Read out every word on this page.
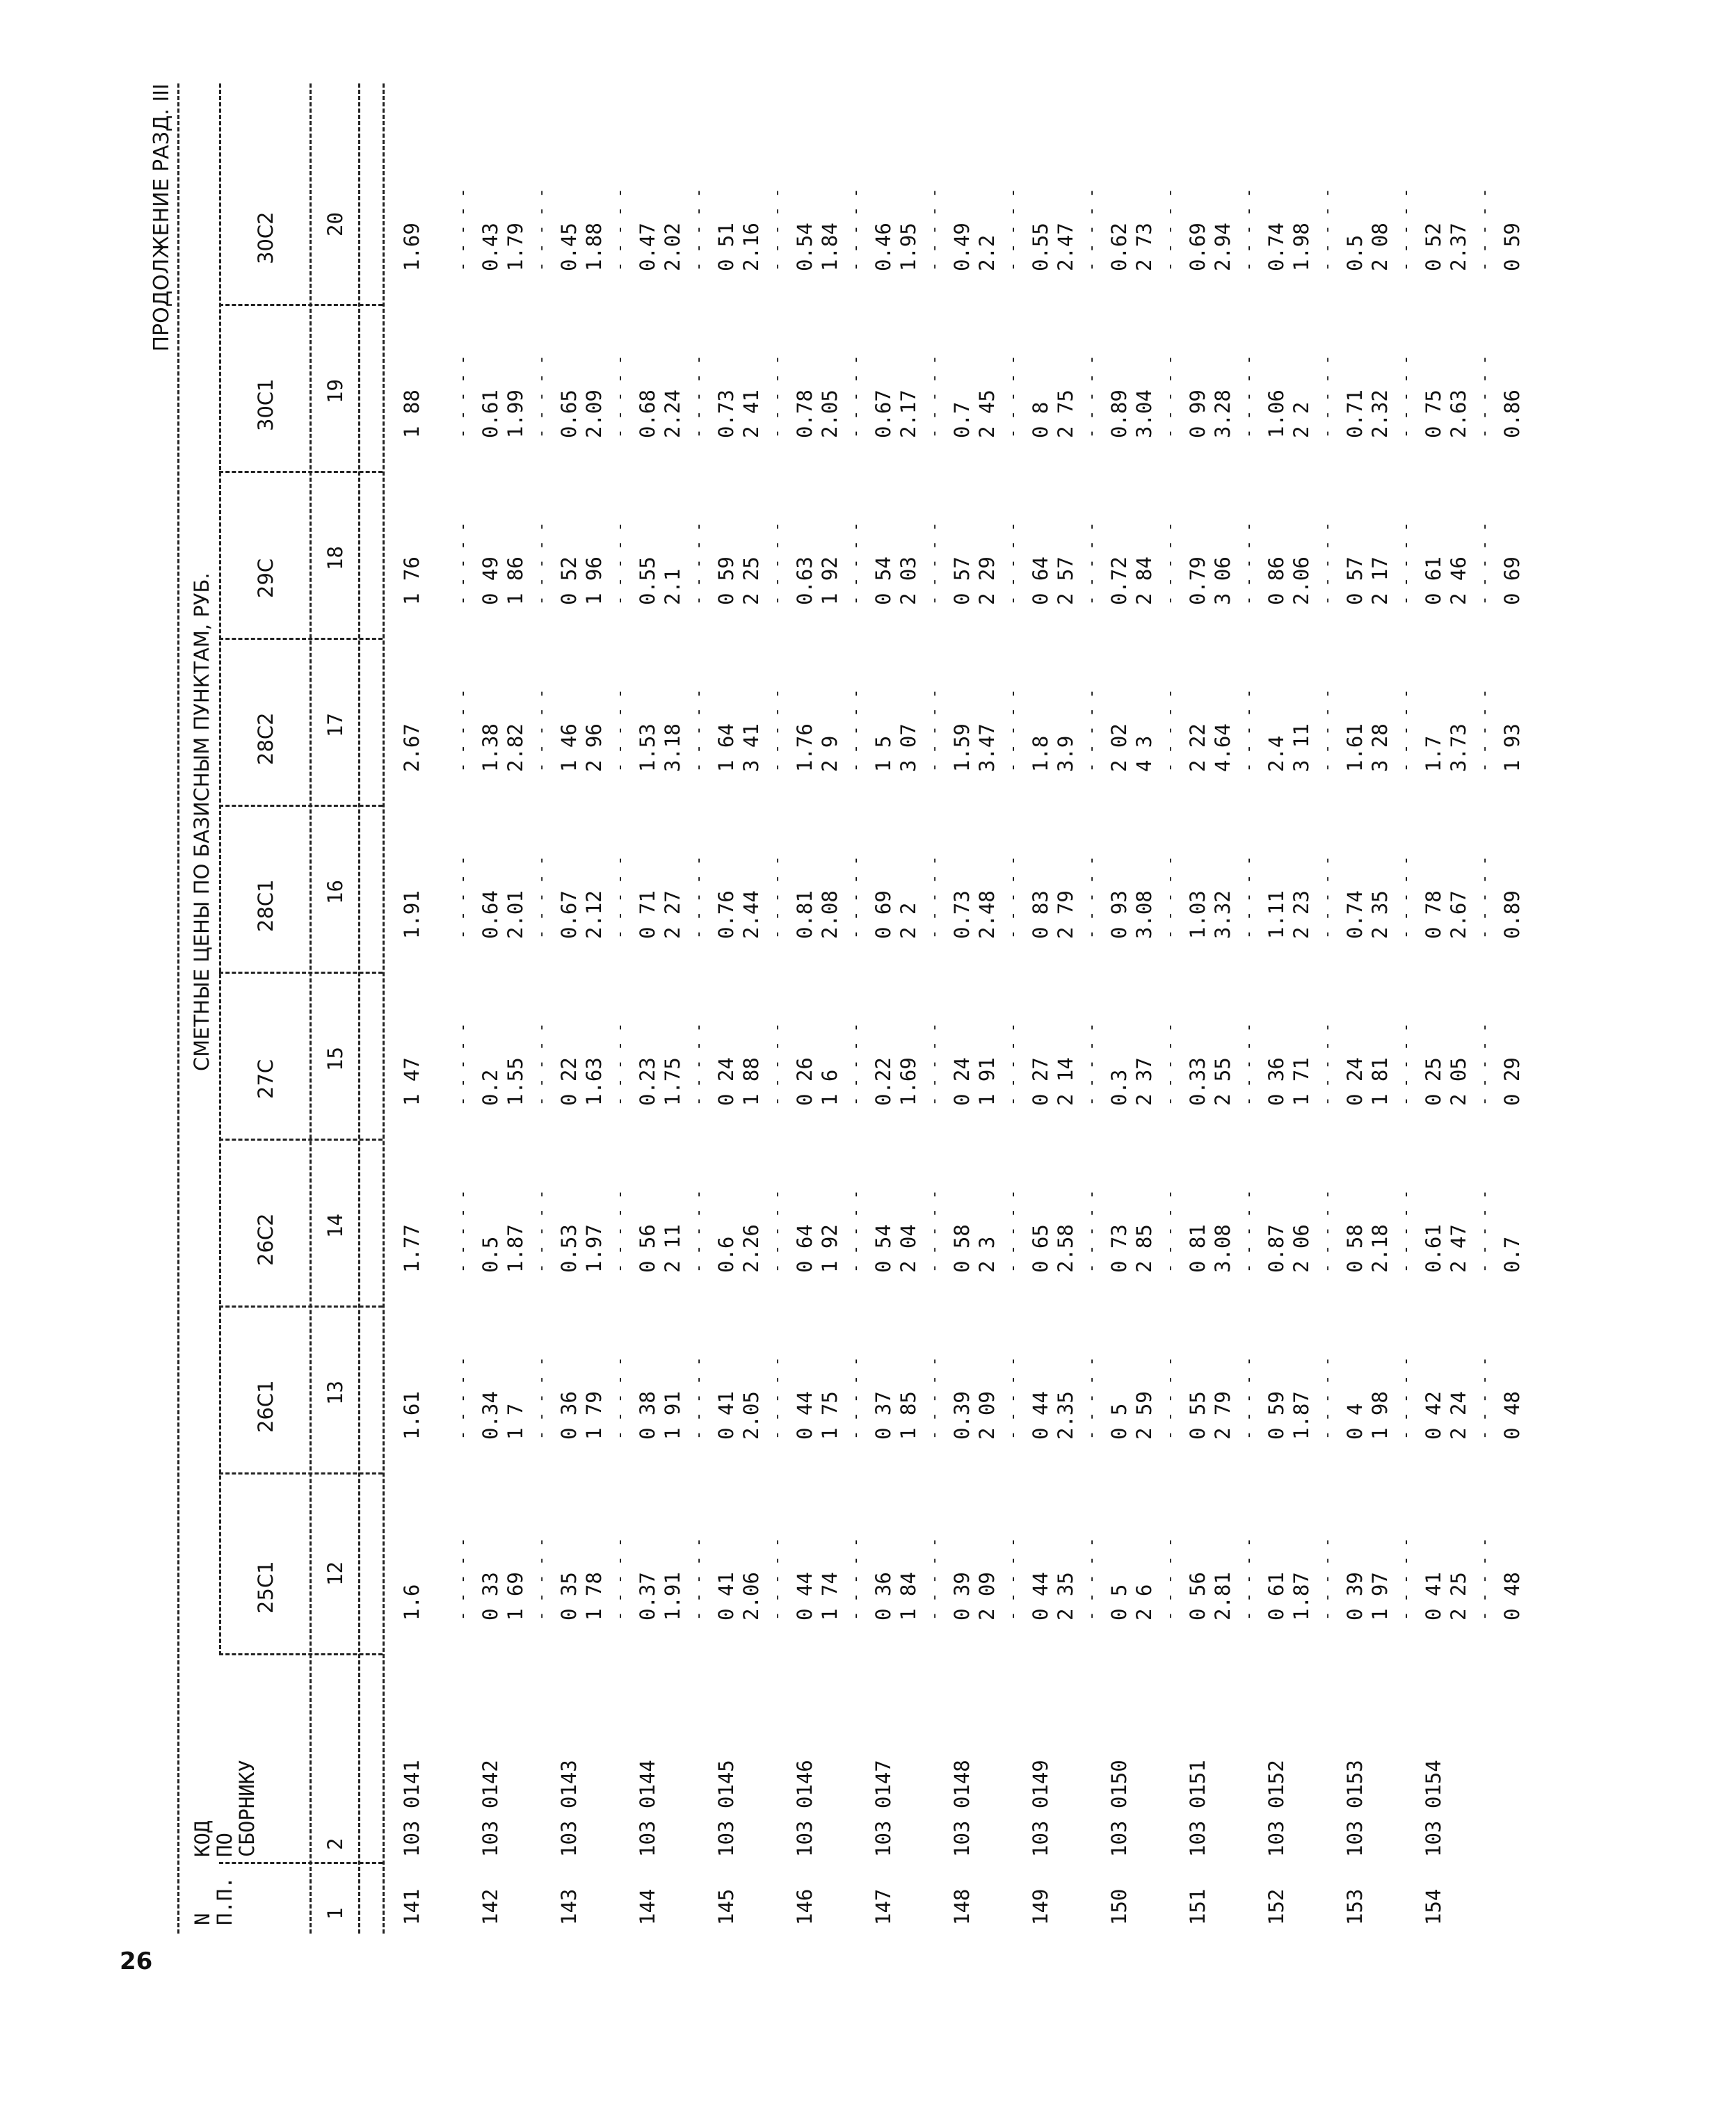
26
ПРОДОЛЖЕНИЕ РАЗД. III
N
П.П.
КОД
ПО
СБОРНИКУ
СМЕТНЫЕ ЦЕНЫ ПО БАЗИСНЫМ ПУНКТАМ, РУБ.
25С1
26С1
26С2
27С
28С1
28С2
29С
30С1
30С2
1
2
12
13
14
15
16
17
18
19
20
141
103 0141
1.6 - - - - -
1.61 - - - - -
1.77 - - - - -
1 47 - - - - -
1.91 - - - - -
2.67 - - - - -
1 76 - - - - -
1 88 - - - - -
1.69 - - - - -
142
103 0142
0 33 1 69 - - - - -
0.34 1 7 - - - - -
0.5 1.87 - - - - -
0.2 1.55 - - - - -
0.64 2.01 - - - - -
1.38 2.82 - - - - -
0 49 1 86 - - - - -
0.61 1.99 - - - - -
0.43 1.79 - - - - -
143
103 0143
0 35 1 78 - - - - -
0 36 1 79 - - - - -
0.53 1.97 - - - - -
0 22 1.63 - - - - -
0.67 2.12 - - - - -
1 46 2 96 - - - - -
0 52 1 96 - - - - -
0.65 2.09 - - - - -
0.45 1.88 - - - - -
144
103 0144
0.37 1.91 - - - - -
0 38 1 91 - - - - -
0 56 2 11 - - - - -
0.23 1.75 - - - - -
0 71 2 27 - - - - -
1.53 3.18 - - - - -
0.55 2.1 - - - - -
0.68 2.24 - - - - -
0.47 2.02 - - - - -
145
103 0145
0 41 2.06 - - - - -
0 41 2.05 - - - - -
0.6 2.26 - - - - -
0 24 1 88 - - - - -
0.76 2.44 - - - - -
1 64 3 41 - - - - -
0 59 2 25 - - - - -
0.73 2 41 - - - - -
0 51 2.16 - - - - -
146
103 0146
0 44 1 74 - - - - -
0 44 1 75 - - - - -
0 64 1 92 - - - - -
0 26 1 6 - - - - -
0.81 2.08 - - - - -
1.76 2 9 - - - - -
0.63 1 92 - - - - -
0.78 2.05 - - - - -
0.54 1.84 - - - - -
147
103 0147
0 36 1 84 - - - - -
0 37 1 85 - - - - -
0 54 2 04 - - - - -
0.22 1.69 - - - - -
0 69 2 2 - - - - -
1 5 3 07 - - - - -
0 54 2 03 - - - - -
0.67 2.17 - - - - -
0.46 1.95 - - - - -
148
103 0148
0 39 2 09 - - - - -
0.39 2 09 - - - - -
0 58 2 3 - - - - -
0 24 1 91 - - - - -
0.73 2.48 - - - - -
1.59 3.47 - - - - -
0 57 2 29 - - - - -
0.7 2 45 - - - - -
0.49 2.2 - - - - -
149
103 0149
0 44 2 35 - - - - -
0 44 2.35 - - - - -
0 65 2.58 - - - - -
0 27 2 14 - - - - -
0 83 2 79 - - - - -
1.8 3.9 - - - - -
0 64 2 57 - - - - -
0 8 2 75 - - - - -
0.55 2.47 - - - - -
150
103 0150
0 5 2 6 - - - - -
0 5 2 59 - - - - -
0 73 2 85 - - - - -
0.3 2 37 - - - - -
0 93 3.08 - - - - -
2 02 4 3 - - - - -
0.72 2 84 - - - - -
0.89 3.04 - - - - -
0.62 2 73 - - - - -
151
103 0151
0 56 2.81 - - - - -
0 55 2 79 - - - - -
0 81 3.08 - - - - -
0.33 2 55 - - - - -
1.03 3.32 - - - - -
2 22 4.64 - - - - -
0.79 3 06 - - - - -
0 99 3.28 - - - - -
0.69 2.94 - - - - -
152
103 0152
0 61 1.87 - - - - -
0 59 1.87 - - - - -
0.87 2 06 - - - - -
0 36 1 71 - - - - -
1.11 2 23 - - - - -
2.4 3 11 - - - - -
0 86 2.06 - - - - -
1.06 2 2 - - - - -
0.74 1.98 - - - - -
153
103 0153
0 39 1 97 - - - - -
0 4 1 98 - - - - -
0 58 2.18 - - - - -
0 24 1 81 - - - - -
0.74 2 35 - - - - -
1.61 3 28 - - - - -
0 57 2 17 - - - - -
0.71 2.32 - - - - -
0.5 2 08 - - - - -
154
103 0154
0 41 2 25 - - - - -
0 42 2 24 - - - - -
0.61 2 47 - - - - -
0 25 2 05 - - - - -
0 78 2.67 - - - - -
1.7 3.73 - - - - -
0 61 2 46 - - - - -
0 75 2.63 - - - - -
0 52 2.37 - - - - -
0 48
0 48
0.7
0 29
0.89
1 93
0 69
0.86
0 59
